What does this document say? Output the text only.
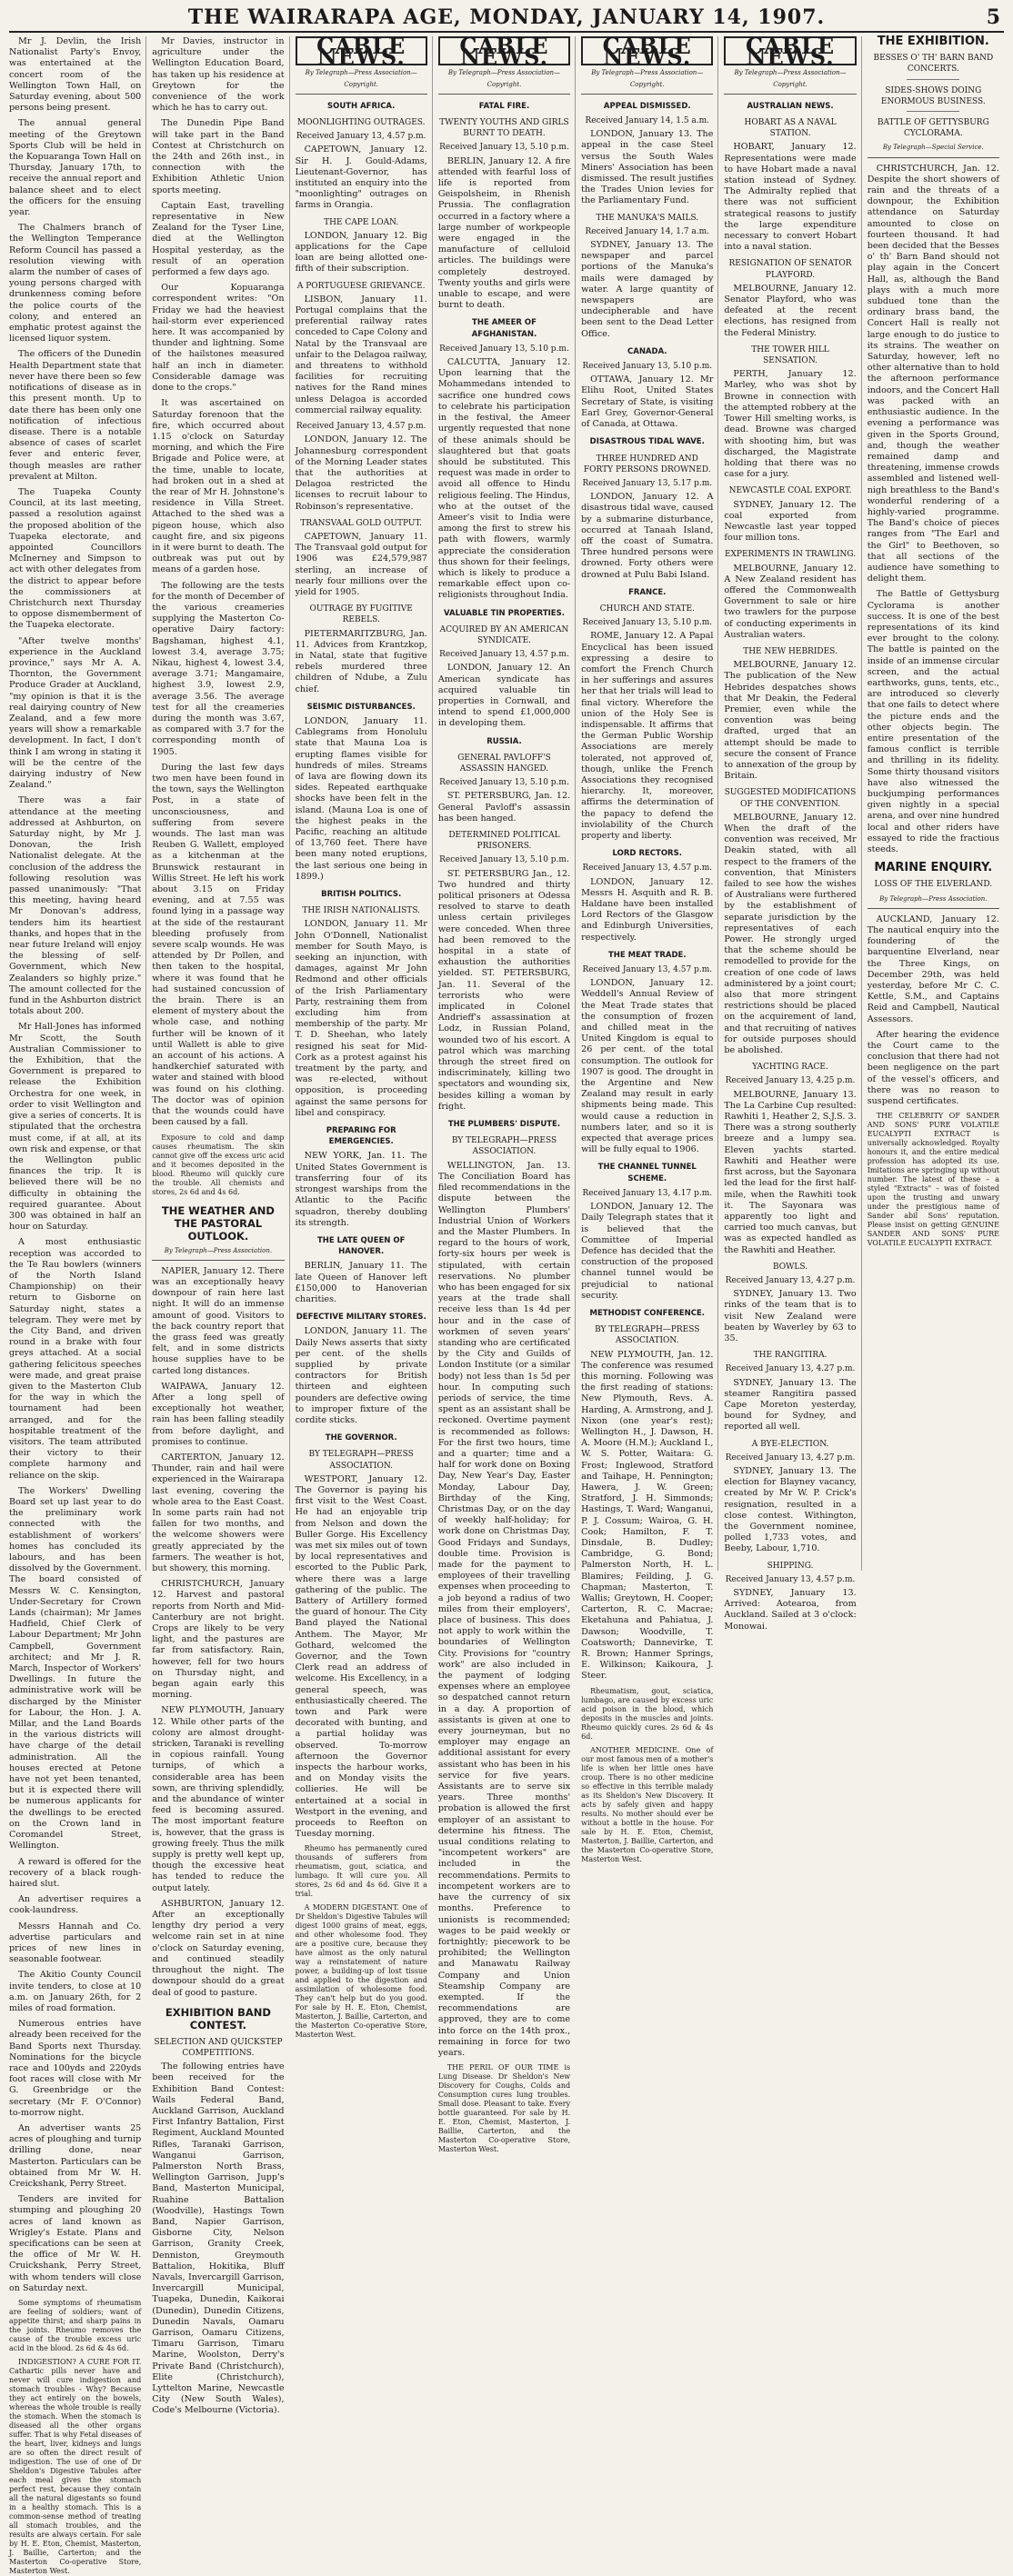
THE WAIRARAPA AGE, MONDAY, JANUARY 14, 1907.	5

Mr J. Devlin, the Irish Nationalist Party's Envoy, was entertained at the concert room of the Wellington Town Hall, on Saturday evening, about 500 persons being present.

The annual general meeting of the Greytown Sports Club will be held in the Kopuaranga Town Hall on Thursday, January 17th, to receive the annual report and balance sheet and to elect the officers for the ensuing year.

The Chalmers branch of the Wellington Temperance Reform Council has passed a resolution viewing with alarm the number of cases of young persons charged with drunkenness coming before the police courts of the colony, and entered an emphatic protest against the licensed liquor system.

The officers of the Dunedin Health Department state that never have there been so few notifications of disease as in this present month. Up to date there has been only one notification of infectious disease. There is a notable absence of cases of scarlet fever and enteric fever, though measles are rather prevalent at Milton.

The Tuapeka County Council, at its last meeting, passed a resolution against the proposed abolition of the Tuapeka electorate, and appointed Councillors McInerney and Simpson to act with other delegates from the district to appear before the commissioners at Christchurch next Thursday to oppose dismemberment of the Tuapeka electorate.

"After twelve months' experience in the Auckland province," says Mr A. A. Thornton, the Government Produce Grader at Auckland, "my opinion is that it is the real dairying country of New Zealand, and a few more years will show a remarkable development. In fact, I don't think I am wrong in stating it will be the centre of the dairying industry of New Zealand."

There was a fair attendance at the meeting addressed at Ashburton, on Saturday night, by Mr J. Donovan, the Irish Nationalist delegate. At the conclusion of the address the following resolution was passed unanimously: "That this meeting, having heard Mr Donovan's address, tenders him its heartiest thanks, and hopes that in the near future Ireland will enjoy the blessing of self-Government, which New Zealanders so highly prize." The amount collected for the fund in the Ashburton district totals about 200.

Mr Hall-Jones has informed Mr Scott, the South Australian Commissioner to the Exhibition, that the Government is prepared to release the Exhibition Orchestra for one week, in order to visit Wellington and give a series of concerts. It is stipulated that the orchestra must come, if at all, at its own risk and expense, or that the Wellington public finances the trip. It is believed there will be no difficulty in obtaining the required guarantee. About 300 was obtained in half an hour on Saturday.

A most enthusiastic reception was accorded to the Te Rau bowlers (winners of the North Island Championship) on their return to Gisborne on Saturday night, states a telegram. They were met by the City Band, and driven round in a brake with four greys attached. At a social gathering felicitous speeches were made, and great praise given to the Masterton Club for the way in which the tournament had been arranged, and for the hospitable treatment of the visitors. The team attributed their victory to their complete harmony and reliance on the skip.

The Workers' Dwelling Board set up last year to do the preliminary work connected with the establishment of workers' homes has concluded its labours, and has been dissolved by the Government. The board consisted of Messrs W. C. Kensington, Under-Secretary for Crown Lands (chairman); Mr James Hadfield, Chief Clerk of Labour Department; Mr John Campbell, Government architect; and Mr J. R. March, Inspector of Workers' Dwellings. In future the administrative work will be discharged by the Minister for Labour, the Hon. J. A. Millar, and the Land Boards in the various districts will have charge of the detail administration. All the houses erected at Petone have not yet been tenanted, but it is expected there will be numerous applicants for the dwellings to be erected on the Crown land in Coromandel Street, Wellington.

A reward is offered for the recovery of a black rough-haired slut.

An advertiser requires a cook-laundress.

Messrs Hannah and Co. advertise particulars and prices of new lines in seasonable footwear.

The Akitio County Council invite tenders, to close at 10 a.m. on January 26th, for 2 miles of road formation.

Numerous entries have already been received for the Band Sports next Thursday. Nominations for the bicycle race and 100yds and 220yds foot races will close with Mr G. Greenbridge or the secretary (Mr F. O'Connor) to-morrow night.

An advertiser wants 25 acres of ploughing and turnip drilling done, near Masterton. Particulars can be obtained from Mr W. H. Creickshank, Perry Street.

Tenders are invited for stumping and ploughing 20 acres of land known as Wrigley's Estate. Plans and specifications can be seen at the office of Mr W. H. Cruickshank, Perry Street, with whom tenders will close on Saturday next.

Some symptoms of rheumatism are feeling of soldiers; want of appetite thirst; and sharp pains in the joints. Rheumo removes the cause of the trouble excess uric acid in the blood. 2s 6d & 4s 6d.

INDIGESTION? A CURE FOR IT. Cathartic pills never have and never will cure indigestion and stomach troubles - Why? Because they act entirely on the bowels, whereas the whole trouble is really the stomach. When the stomach is diseased all the other organs suffer. That is why Fetal diseases of the heart, liver, kidneys and lungs are so often the direct result of indigestion. The use of one of Dr Sheldon's Digestive Tabules after each meal gives the stomach perfect rest, because they contain all the natural digestants so found in a healthy stomach. This is a common-sense method of treating all stomach troubles, and the results are always certain. For sale by H. E. Eton, Chemist, Masterton, J. Baillie, Carterton; and the Masterton Co-operative Store, Masterton West.

Mr Davies, instructor in agriculture under the Wellington Education Board, has taken up his residence at Greytown for the convenience of the work which he has to carry out.

The Dunedin Pipe Band will take part in the Band Contest at Christchurch on the 24th and 26th inst., in connection with the Exhibition Athletic Union sports meeting.

Captain East, travelling representative in New Zealand for the Tyser Line, died at the Wellington Hospital yesterday, as the result of an operation performed a few days ago.

Our Kopuaranga correspondent writes: "On Friday we had the heaviest hail-storm ever experienced here. It was accompanied by thunder and lightning. Some of the hailstones measured half an inch in diameter. Considerable damage was done to the crops."

It was ascertained on Saturday forenoon that the fire, which occurred about 1.15 o'clock on Saturday morning, and which the Fire Brigade and Police were, at the time, unable to locate, had broken out in a shed at the rear of Mr H. Johnstone's residence in Villa Street. Attached to the shed was a pigeon house, which also caught fire, and six pigeons in it were burnt to death. The outbreak was put out by means of a garden hose.

The following are the tests for the month of December of the various creameries supplying the Masterton Co-operative Dairy factory: Bagshaman, highest 4.1, lowest 3.4, average 3.75; Nikau, highest 4, lowest 3.4, average 3.71; Mangamaire, highest 3.9, lowest 2.9, average 3.56. The average test for all the creameries during the month was 3.67, as compared with 3.7 for the corresponding month of 1905.

During the last few days two men have been found in the town, says the Wellington Post, in a state of unconsciousness, and suffering from severe wounds. The last man was Reuben G. Wallett, employed as a kitchenman at the Brunswick restaurant in Willis Street. He left his work about 3.15 on Friday evening, and at 7.55 was found lying in a passage way at the side of the restaurant bleeding profusely from severe scalp wounds. He was attended by Dr Pollen, and then taken to the hospital, where it was found that he had sustained concussion of the brain. There is an element of mystery about the whole case, and nothing further will be known of it until Wallett is able to give an account of his actions. A handkerchief saturated with water and stained with blood was found on his clothing. The doctor was of opinion that the wounds could have been caused by a fall.

Exposure to cold and damp causes rheumatism. The skin cannot give off the excess uric acid and it becomes deposited in the blood. Rheumo will quickly cure the trouble. All chemists and stores, 2s 6d and 4s 6d.

THE WEATHER AND THE PASTORAL OUTLOOK.
By Telegraph—Press Association.

NAPIER, January 12. There was an exceptionally heavy downpour of rain here last night. It will do an immense amount of good. Visitors to the back country report that the grass feed was greatly felt, and in some districts house supplies have to be carted long distances.

WAIPAWA, January 12. After a long spell of exceptionally hot weather, rain has been falling steadily from before daylight, and promises to continue.

CARTERTON, January 12. Thunder, rain and hail were experienced in the Wairarapa last evening, covering the whole area to the East Coast. In some parts rain had not fallen for two months, and the welcome showers were greatly appreciated by the farmers. The weather is hot, but showery, this morning.

CHRISTCHURCH, January 12. Harvest and pastoral reports from North and Mid-Canterbury are not bright. Crops are likely to be very light, and the pastures are far from satisfactory. Rain, however, fell for two hours on Thursday night, and began again early this morning.

NEW PLYMOUTH, January 12. While other parts of the colony are almost drought-stricken, Taranaki is revelling in copious rainfall. Young turnips, of which a considerable area has been sown, are thriving splendidly, and the abundance of winter feed is becoming assured. The most important feature is, however, that the grass is growing freely. Thus the milk supply is pretty well kept up, though the excessive heat has tended to reduce the output lately.

ASHBURTON, January 12. After an exceptionally lengthy dry period a very welcome rain set in at nine o'clock on Saturday evening, and continued steadily throughout the night. The downpour should do a great deal of good to pasture.

EXHIBITION BAND CONTEST.
SELECTION AND QUICKSTEP COMPETITIONS.

The following entries have been received for the Exhibition Band Contest: Wails Federal Band, Auckland Garrison, Auckland First Infantry Battalion, First Regiment, Auckland Mounted Rifles, Taranaki Garrison, Wanganui Garrison, Palmerston North Brass, Wellington Garrison, Jupp's Band, Masterton Municipal, Ruahine Battalion (Woodville), Hastings Town Band, Napier Garrison, Gisborne City, Nelson Garrison, Granity Creek, Denniston, Greymouth Battalion, Hokitika, Bluff Navals, Invercargill Garrison, Invercargill Municipal, Tuapeka, Dunedin, Kaikorai (Dunedin), Dunedin Citizens, Dunedin Navals, Oamaru Garrison, Oamaru Citizens, Timaru Garrison, Timaru Marine, Woolston, Derry's Private Band (Christchurch), Elite (Christchurch), Lyttelton Marine, Newcastle City (New South Wales), Code's Melbourne (Victoria).

CABLE NEWS.
By Telegraph—Press Association—Copyright.
SOUTH AFRICA.
MOONLIGHTING OUTRAGES.
Received January 13, 4.57 p.m.

CAPETOWN, January 12. Sir H. J. Gould-Adams, Lieutenant-Governor, has instituted an enquiry into the "moonlighting" outrages on farms in Orangia.

THE CAPE LOAN.

LONDON, January 12. Big applications for the Cape loan are being allotted one-fifth of their subscription.

A PORTUGUESE GRIEVANCE.

LISBON, January 11. Portugal complains that the preferential railway rates conceded to Cape Colony and Natal by the Transvaal are unfair to the Delagoa railway, and threatens to withhold facilities for recruiting natives for the Rand mines unless Delagoa is accorded commercial railway equality.

Received January 13, 4.57 p.m.

LONDON, January 12. The Johannesburg correspondent of the Morning Leader states that the authorities at Delagoa restricted the licenses to recruit labour to Robinson's representative.

TRANSVAAL GOLD OUTPUT.

CAPETOWN, January 11. The Transvaal gold output for 1906 was £24,579,987 sterling, an increase of nearly four millions over the yield for 1905.

OUTRAGE BY FUGITIVE REBELS.

PIETERMARITZBURG, Jan. 11. Advices from Krantzkop, in Natal, state that fugitive rebels murdered three children of Ndube, a Zulu chief.

SEISMIC DISTURBANCES.

LONDON, January 11. Cablegrams from Honolulu state that Mauna Loa is erupting flames visible for hundreds of miles. Streams of lava are flowing down its sides. Repeated earthquake shocks have been felt in the island. (Mauna Loa is one of the highest peaks in the Pacific, reaching an altitude of 13,760 feet. There have been many noted eruptions, the last serious one being in 1899.)

BRITISH POLITICS.
THE IRISH NATIONALISTS.

LONDON, January 11. Mr John O'Donnell, Nationalist member for South Mayo, is seeking an injunction, with damages, against Mr John Redmond and other officials of the Irish Parliamentary Party, restraining them from excluding him from membership of the party. Mr T. D. Sheehan, who lately resigned his seat for Mid-Cork as a protest against his treatment by the party, and was re-elected, without opposition, is proceeding against the same persons for libel and conspiracy.

PREPARING FOR EMERGENCIES.

NEW YORK, Jan. 11. The United States Government is transferring four of its strongest warships from the Atlantic to the Pacific squadron, thereby doubling its strength.

THE LATE QUEEN OF HANOVER.

BERLIN, January 11. The late Queen of Hanover left £150,000 to Hanoverian charities.

DEFECTIVE MILITARY STORES.

LONDON, January 11. The Daily News asserts that sixty per cent. of the shells supplied by private contractors for British thirteen and eighteen pounders are defective owing to improper fixture of the cordite sticks.

THE GOVERNOR.
BY TELEGRAPH—PRESS ASSOCIATION.

WESTPORT, January 12. The Governor is paying his first visit to the West Coast. He had an enjoyable trip from Nelson and down the Buller Gorge. His Excellency was met six miles out of town by local representatives and escorted to the Public Park, where there was a large gathering of the public. The Battery of Artillery formed the guard of honour. The City Band played the National Anthem. The Mayor, Mr Gothard, welcomed the Governor, and the Town Clerk read an address of welcome. His Excellency, in a general speech, was enthusiastically cheered. The town and Park were decorated with bunting, and a partial holiday was observed. To-morrow afternoon the Governor inspects the harbour works, and on Monday visits the collieries. He will be entertained at a social in Westport in the evening, and proceeds to Reefton on Tuesday morning.

Rheumo has permanently cured thousands of sufferers from rheumatism, gout, sciatica, and lumbago. It will cure you. All stores, 2s 6d and 4s 6d. Give it a trial.

A MODERN DIGESTANT. One of Dr Sheldon's Digestive Tabules will digest 1000 grains of meat, eggs, and other wholesome food. They are a positive cure, because they have almost as the only natural way a reinstatement of nature power, a building-up of lost tissue and applied to the digestion and assimilation of wholesome food. They can't help but do you good. For sale by H. E. Eton, Chemist, Masterton, J. Baillie, Carterton, and the Masterton Co-operative Store, Masterton West.

CABLE NEWS.
By Telegraph—Press Association—Copyright.
FATAL FIRE.
TWENTY YOUTHS AND GIRLS BURNT TO DEATH.
Received January 13, 5.10 p.m.

BERLIN, January 12. A fire attended with fearful loss of life is reported from Geispolsheim, in Rhenish Prussia. The conflagration occurred in a factory where a large number of workpeople were engaged in the manufacture of celluloid articles. The buildings were completely destroyed. Twenty youths and girls were unable to escape, and were burnt to death.

THE AMEER OF AFGHANISTAN.
Received January 13, 5.10 p.m.

CALCUTTA, January 12. Upon learning that the Mohammedans intended to sacrifice one hundred cows to celebrate his participation in the festival, the Ameer urgently requested that none of these animals should be slaughtered but that goats should be substituted. This request was made in order to avoid all offence to Hindu religious feeling. The Hindus, who at the outset of the Ameer's visit to India were among the first to strew his path with flowers, warmly appreciate the consideration thus shown for their feelings, which is likely to produce a remarkable effect upon co-religionists throughout India.

VALUABLE TIN PROPERTIES.
ACQUIRED BY AN AMERICAN SYNDICATE.
Received January 13, 4.57 p.m.

LONDON, January 12. An American syndicate has acquired valuable tin properties in Cornwall, and intend to spend £1,000,000 in developing them.

RUSSIA.
GENERAL PAVLOFF'S ASSASSIN HANGED.
Received January 13, 5.10 p.m.

ST. PETERSBURG, Jan. 12. General Pavloff's assassin has been hanged.

DETERMINED POLITICAL PRISONERS.
Received January 13, 5.10 p.m.

ST. PETERSBURG Jan., 12. Two hundred and thirty political prisoners at Odessa resolved to starve to death unless certain privileges were conceded. When three had been removed to the hospital in a state of exhaustion the authorities yielded. ST. PETERSBURG, Jan. 11. Several of the terrorists who were implicated in Colonel Andrieff's assassination at Lodz, in Russian Poland, wounded two of his escort. A patrol which was marching through the street fired on indiscriminately, killing two spectators and wounding six, besides killing a woman by fright.

THE PLUMBERS' DISPUTE.
BY TELEGRAPH—PRESS ASSOCIATION.

WELLINGTON, Jan. 13. The Conciliation Board has filed recommendations in the dispute between the Wellington Plumbers' Industrial Union of Workers and the Master Plumbers. In regard to the hours of work, forty-six hours per week is stipulated, with certain reservations. No plumber who has been engaged for six years at the trade shall receive less than 1s 4d per hour and in the case of workmen of seven years' standing who are certificated by the City and Guilds of London Institute (or a similar body) not less than 1s 5d per hour. In computing such periods of service, the time spent as an assistant shall be reckoned. Overtime payment is recommended as follows: For the first two hours, time and a quarter; time and a half for work done on Boxing Day, New Year's Day, Easter Monday, Labour Day, Birthday of the King, Christmas Day, or on the day of weekly half-holiday; for work done on Christmas Day, Good Fridays and Sundays, double time. Provision is made for the payment to employees of their travelling expenses when proceeding to a job beyond a radius of two miles from their employers', place of business. This does not apply to work within the boundaries of Wellington City. Provisions for "country work" are also included in the payment of lodging expenses where an employee so despatched cannot return in a day. A proportion of assistants is given at one to every journeyman, but no employer may engage an additional assistant for every assistant who has been in his service for five years. Assistants are to serve six years. Three months' probation is allowed the first employer of an assistant to determine his fitness. The usual conditions relating to "incompetent workers" are included in the recommendations. Permits to incompetent workers are to have the currency of six months. Preference to unionists is recommended; wages to be paid weekly or fortnightly; piecework to be prohibited; the Wellington and Manawatu Railway Company and Union Steamship Company are exempted. If the recommendations are approved, they are to come into force on the 14th prox., remaining in force for two years.

THE PERIL OF OUR TIME is Lung Disease. Dr Sheldon's New Discovery for Coughs, Colds and Consumption cures lung troubles. Small dose. Pleasant to take. Every bottle guaranteed. For sale by H. E. Eton, Chemist, Masterton, J. Baillie, Carterton, and the Masterton Co-operative Store, Masterton West.

CABLE NEWS.
By Telegraph—Press Association—Copyright.
APPEAL DISMISSED.
Received January 14, 1.5 a.m.

LONDON, January 13. The appeal in the case Steel versus the South Wales Miners' Association has been dismissed. The result justifies the Trades Union levies for the Parliamentary Fund.

THE MANUKA'S MAILS.
Received January 14, 1.7 a.m.

SYDNEY, January 13. The newspaper and parcel portions of the Manuka's mails were damaged by water. A large quantity of newspapers are undecipherable and have been sent to the Dead Letter Office.

CANADA.
Received January 13, 5.10 p.m.

OTTAWA, January 12. Mr Elihu Root, United States Secretary of State, is visiting Earl Grey, Governor-General of Canada, at Ottawa.

DISASTROUS TIDAL WAVE.
THREE HUNDRED AND FORTY PERSONS DROWNED.
Received January 13, 5.17 p.m.

LONDON, January 12. A disastrous tidal wave, caused by a submarine disturbance, occurred at Tanaah Island, off the coast of Sumatra. Three hundred persons were drowned. Forty others were drowned at Pulu Babi Island.

FRANCE.
CHURCH AND STATE.
Received January 13, 5.10 p.m.

ROME, January 12. A Papal Encyclical has been issued expressing a desire to comfort the French Church in her sufferings and assures her that her trials will lead to final victory. Wherefore the union of the Holy See is indispensable. It affirms that the German Public Worship Associations are merely tolerated, not approved of, though, unlike the French Associations they recognised hierarchy. It, moreover, affirms the determination of the papacy to defend the inviolability of the Church property and liberty.

LORD RECTORS.
Received January 13, 4.57 p.m.

LONDON, January 12. Messrs H. Asquith and R. B. Haldane have been installed Lord Rectors of the Glasgow and Edinburgh Universities, respectively.

THE MEAT TRADE.
Received January 13, 4.57 p.m.

LONDON, January 12. Weddell's Annual Review of the Meat Trade states that the consumption of frozen and chilled meat in the United Kingdom is equal to 26 per cent. of the total consumption. The outlook for 1907 is good. The drought in the Argentine and New Zealand may result in early shipments being made. This would cause a reduction in numbers later, and so it is expected that average prices will be fully equal to 1906.

THE CHANNEL TUNNEL SCHEME.
Received January 13, 4.17 p.m.

LONDON, January 12. The Daily Telegraph states that it is believed that the Committee of Imperial Defence has decided that the construction of the proposed channel tunnel would be prejudicial to national security.

METHODIST CONFERENCE.
BY TELEGRAPH—PRESS ASSOCIATION.

NEW PLYMOUTH, Jan. 12. The conference was resumed this morning. Following was the first reading of stations: New Plymouth, Revs. A. Harding, A. Armstrong, and J. Nixon (one year's rest); Wellington H., J. Dawson, H. A. Moore (H.M.); Auckland I., W. S. Potter, Waitara: G. Frost; Inglewood, Stratford and Taihape, H. Pennington; Hawera, J. W. Green; Stratford, J. H. Simmonds; Hastings, T. Ward; Wanganui, P. J. Cossum; Wairoa, G. H. Cook; Hamilton, F. T. Dinsdale, B. Dudley; Cambridge, G. Bond; Palmerston North, H. L. Blamires; Feilding, J. G. Chapman; Masterton, T. Wallis; Greytown, H. Cooper; Carterton, R. C. Macrae; Eketahuna and Pahiatua, J. Dawson; Woodville, T. Coatsworth; Dannevirke, T. R. Brown; Hanmer Springs, E. Wilkinson; Kaikoura, J. Steer.

Rheumatism, gout, sciatica, lumbago, are caused by excess uric acid poison in the blood, which deposits in the muscles and joints. Rheumo quickly cures. 2s 6d & 4s 6d.

ANOTHER MEDICINE. One of our most famous men of a mother's life is when her little ones have croup. There is no other medicine so effective in this terrible malady as its Sheldon's New Discovery. It acts by safely given and happy results. No mother should ever be without a bottle in the house. For sale by H. E. Eton, Chemist, Masterton, J. Baillie, Carterton, and the Masterton Co-operative Store, Masterton West.

CABLE NEWS.
By Telegraph—Press Association—Copyright.
AUSTRALIAN NEWS.
HOBART AS A NAVAL STATION.

HOBART, January 12. Representations were made to have Hobart made a naval station instead of Sydney. The Admiralty replied that there was not sufficient strategical reasons to justify the large expenditure necessary to convert Hobart into a naval station.

RESIGNATION OF SENATOR PLAYFORD.

MELBOURNE, January 12. Senator Playford, who was defeated at the recent elections, has resigned from the Federal Ministry.

THE TOWER HILL SENSATION.

PERTH, January 12. Marley, who was shot by Browne in connection with the attempted robbery at the Tower Hill smelting works, is dead. Browne was charged with shooting him, but was discharged, the Magistrate holding that there was no case for a jury.

NEWCASTLE COAL EXPORT.

SYDNEY, January 12. The coal exported from Newcastle last year topped four million tons.

EXPERIMENTS IN TRAWLING.

MELBOURNE, January 12. A New Zealand resident has offered the Commonwealth Government to sale or hire two trawlers for the purpose of conducting experiments in Australian waters.

THE NEW HEBRIDES.

MELBOURNE, January 12. The publication of the New Hebrides despatches shows that Mr Deakin, the Federal Premier, even while the convention was being drafted, urged that an attempt should be made to secure the consent of France to annexation of the group by Britain.

SUGGESTED MODIFICATIONS OF THE CONVENTION.

MELBOURNE, January 12. When the draft of the convention was received, Mr Deakin stated, with all respect to the framers of the convention, that Ministers failed to see how the wishes of Australians were furthered by the establishment of separate jurisdiction by the representatives of each Power. He strongly urged that the scheme should be remodelled to provide for the creation of one code of laws administered by a joint court; also that more stringent restrictions should be placed on the acquirement of land, and that recruiting of natives for outside purposes should be abolished.

YACHTING RACE.
Received January 13, 4.25 p.m.

MELBOURNE, January 13. The La Carbine Cup resulted: Rawhiti 1, Heather 2, S.J.S. 3. There was a strong southerly breeze and a lumpy sea. Eleven yachts started. Rawhiti and Heather were first across, but the Sayonara led the lead for the first half-mile, when the Rawhiti took it. The Sayonara was apparently too light and carried too much canvas, but was as expected handled as the Rawhiti and Heather.

BOWLS.
Received January 13, 4.27 p.m.

SYDNEY, January 13. Two rinks of the team that is to visit New Zealand were beaten by Waverley by 63 to 35.

THE RANGITIRA.
Received January 13, 4.27 p.m.

SYDNEY, January 13. The steamer Rangitira passed Cape Moreton yesterday, bound for Sydney, and reported all well.

A BYE-ELECTION.
Received January 13, 4.27 p.m.

SYDNEY, January 13. The election for Blayney vacancy, created by Mr W. P. Crick's resignation, resulted in a close contest. Withington, the Government nominee, polled 1,733 votes, and Beeby, Labour, 1,710.

SHIPPING.
Received January 13, 4.57 p.m.

SYDNEY, January 13. Arrived: Aotearoa, from Auckland. Sailed at 3 o'clock: Monowai.

THE EXHIBITION.
BESSES O' TH' BARN BAND CONCERTS.
SIDES-SHOWS DOING ENORMOUS BUSINESS.
BATTLE OF GETTYSBURG CYCLORAMA.
By Telegraph—Special Service.

CHRISTCHURCH, Jan. 12. Despite the short showers of rain and the threats of a downpour, the Exhibition attendance on Saturday amounted to close on fourteen thousand. It had been decided that the Besses o' th' Barn Band should not play again in the Concert Hall, as, although the Band plays with a much more subdued tone than the ordinary brass band, the Concert Hall is really not large enough to do justice to its strains. The weather on Saturday, however, left no other alternative than to hold the afternoon performance indoors, and the Concert Hall was packed with an enthusiastic audience. In the evening a performance was given in the Sports Ground, and, though the weather remained damp and threatening, immense crowds assembled and listened well-nigh breathless to the Band's wonderful rendering of a highly-varied programme. The Band's choice of pieces ranges from "The Earl and the Girl" to Beethoven, so that all sections of the audience have something to delight them.

The Battle of Gettysburg Cyclorama is another success. It is one of the best representations of its kind ever brought to the colony. The battle is painted on the inside of an immense circular screen, and the actual earthworks, guns, tents, etc., are introduced so cleverly that one fails to detect where the picture ends and the other objects begin. The entire presentation of the famous conflict is terrible and thrilling in its fidelity. Some thirty thousand visitors have also witnessed the buckjumping performances given nightly in a special arena, and over nine hundred local and other riders have essayed to ride the fractious steeds.

MARINE ENQUIRY.
LOSS OF THE ELVERLAND.
By Telegraph—Press Association.

AUCKLAND, January 12. The nautical enquiry into the foundering of the barquentine Elverland, near the Three Kings, on December 29th, was held yesterday, before Mr C. C. Kettle, S.M., and Captains Reid and Campbell, Nautical Assessors.

After hearing the evidence the Court came to the conclusion that there had not been negligence on the part of the vessel's officers, and there was no reason to suspend certificates.

THE CELEBRITY OF SANDER AND SONS' PURE VOLATILE EUCALYPTI EXTRACT is universally acknowledged. Royalty honours it, and the entire medical profession has adopted its use. Imitations are springing up without number. The latest of these – a styled "Extracts" – was of foisted upon the trusting and unwary under the prestigious name of Sander abil Sons' reputation. Please insist on getting GENUINE SANDER AND SONS' PURE VOLATILE EUCALYPTI EXTRACT.
